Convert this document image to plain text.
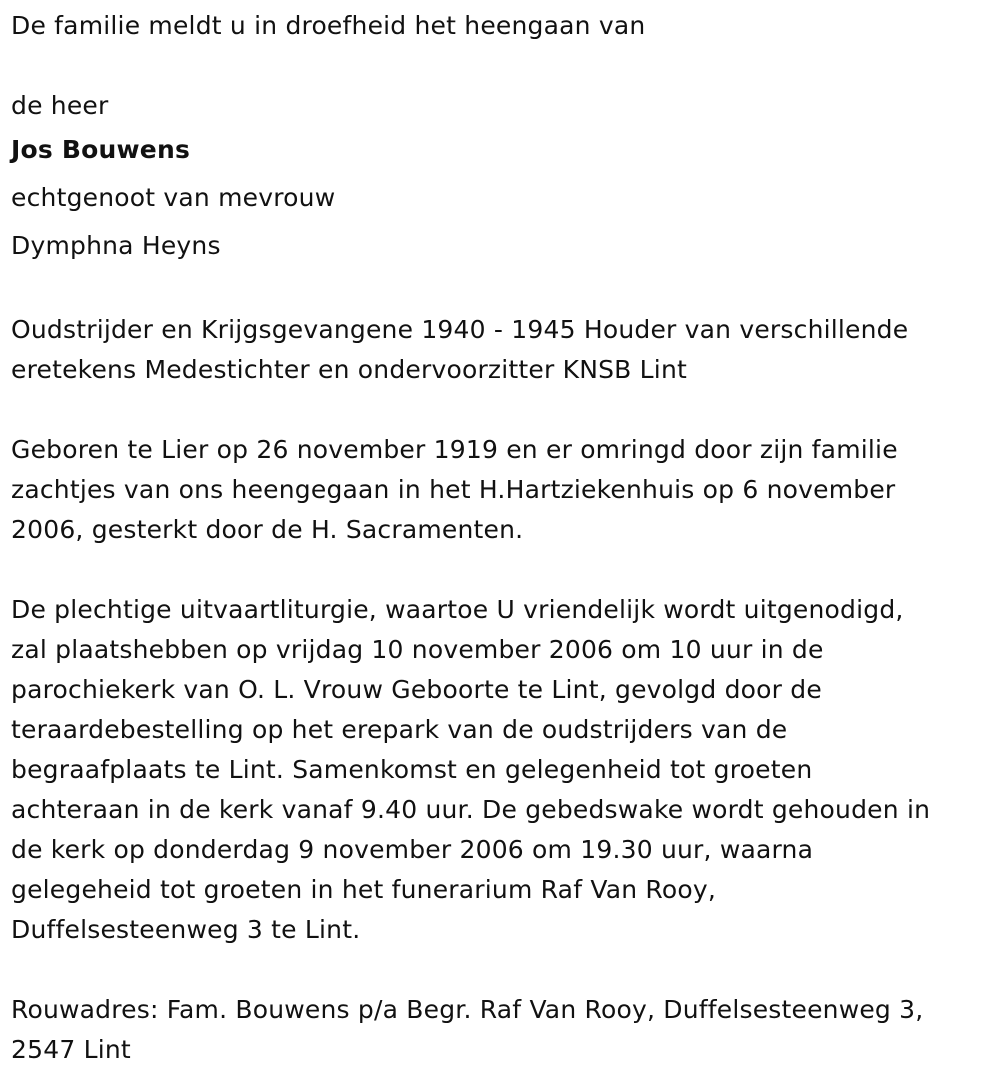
De familie meldt u in droefheid het heengaan van
de heer
Jos Bouwens
echtgenoot van mevrouw
Dymphna Heyns
Oudstrijder en Krijgsgevangene 1940 - 1945 Houder van verschillende
eretekens Medestichter en ondervoorzitter KNSB Lint
Geboren te Lier op 26 november 1919 en er omringd door zijn familie
zachtjes van ons heengegaan in het H.Hartziekenhuis op 6 november
2006, gesterkt door de H. Sacramenten.
De plechtige uitvaartliturgie, waartoe U vriendelijk wordt uitgenodigd,
zal plaatshebben op vrijdag 10 november 2006 om 10 uur in de
parochiekerk van O. L. Vrouw Geboorte te Lint, gevolgd door de
teraardebestelling op het erepark van de oudstrijders van de
begraafplaats te Lint. Samenkomst en gelegenheid tot groeten
achteraan in de kerk vanaf 9.40 uur. De gebedswake wordt gehouden in
de kerk op donderdag 9 november 2006 om 19.30 uur, waarna
gelegeheid tot groeten in het funerarium Raf Van Rooy,
Duffelsesteenweg 3 te Lint.
Rouwadres: Fam. Bouwens p/a Begr. Raf Van Rooy, Duffelsesteenweg 3,
2547 Lint
